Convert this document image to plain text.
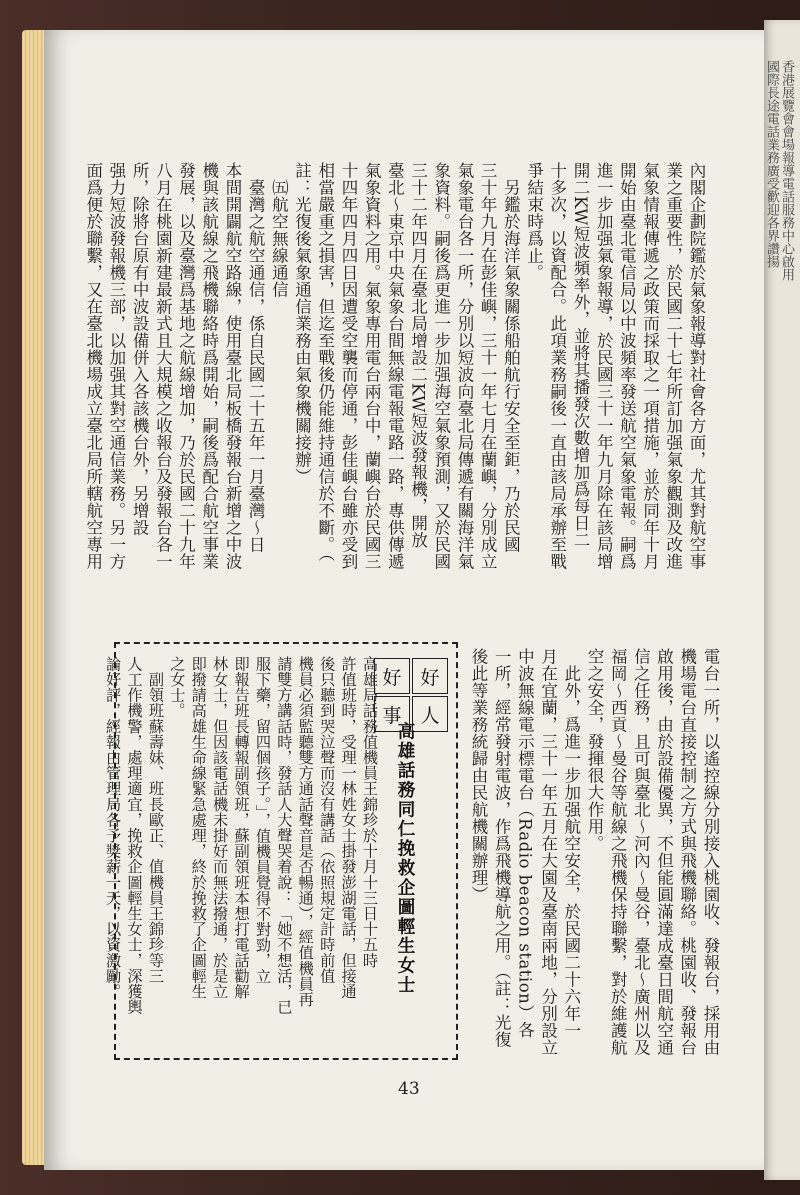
香港展覽會會場報導電話服務中心啟用
國際長途電話業務廣受歡迎各界讚揚
內閣企劃院鑑於氣象報導對社會各方面，尤其對航空事
業之重要性，於民國二十七年所訂加强氣象觀測及改進
氣象情報傳遞之政策而採取之一項措施，並於同年十月
開始由臺北電信局以中波頻率發送航空氣象電報。嗣爲
進一步加强氣象報導，於民國三十一年九月除在該局增
開二KW短波頻率外，並將其播發次數增加爲每日二
十多次，以資配合。此項業務嗣後一直由該局承辦至戰
爭結束時爲止。
　另鑑於海洋氣象關係船舶航行安全至鉅，乃於民國
三十年九月在彭佳嶼，三十一年七月在蘭嶼，分別成立
氣象電台各一所，分別以短波向臺北局傳遞有關海洋氣
象資料。嗣後爲更進一步加强海空氣象預測，又於民國
三十二年四月在臺北局增設二KW短波發報機，開放
臺北～東京中央氣象台間無線電報電路一路，專供傳遞
氣象資料之用。氣象專用電台兩台中，蘭嶼台於民國三
十四年四月四日因遭受空襲而停通，彭佳嶼台雖亦受到
相當嚴重之損害，但迄至戰後仍能維持通信於不斷。（
註：光復後氣象通信業務由氣象機關接辦）
　㈤航空無線通信
　臺灣之航空通信，係自民國二十五年一月臺灣～日
本間開闢航空路線，使用臺北局板橋發報台新增之中波
機與該航線之飛機聯絡時爲開始，嗣後爲配合航空事業
發展，以及臺灣爲基地之航線增加，乃於民國二十九年
八月在桃園新建最新式且大規模之收報台及發報台各一
所，除將台原有中波設備併入各該機台外，另增設
强力短波發報機三部，以加强其對空通信業務。另一方
面爲便於聯繫，又在臺北機場成立臺北局所轄航空專用
電台一所，以遙控線分別接入桃園收、發報台，採用由
機場電台直接控制之方式與飛機聯絡。桃園收、發報台
啟用後，由於設備優異，不但能圓滿達成臺日間航空通
信之任務，且可與臺北～河內～曼谷，臺北～廣州以及
福岡～西貢～曼谷等航線之飛機保持聯繫，對於維護航
空之安全，發揮很大作用。
　此外，爲進一步加强航空安全，於民國二十六年一
月在宜蘭，三十一年五月在大園及臺南兩地，分別設立
中波無線電示標電台（Radio beacon station）各
一所，經常發射電波，作爲飛機導航之用。（註：光復
後此等業務統歸由民航機關辦理）
好
人
好
事
高雄話務同仁挽救企圖輕生女士
高雄局話務值機員王錦珍於十月十三日十五時
許值班時，受理一林姓女士掛發澎湖電話，但接通
後只聽到哭泣聲而沒有講話（依照規定計時前值
機員必須監聽雙方通話聲音是否暢通），經值機員再
請雙方講話時，發話人大聲哭着說：「她不想活，已
服下藥，留四個孩子。」，值機員覺得不對勁，立
即報告班長轉報副領班，蘇副領班本想打電話勸解
林女士，但因該電話機未掛好而無法撥通，於是立
即撥請高雄生命線緊急處理，終於挽救了企圖輕生
之女士。
　副領班蘇壽妹、班長歐正、值機員王錦珍等三
人工作機警，處理適宜，挽救企圖輕生女士，深獲輿
論好評，經報由管理局各予獎薪一天，以資激勵。
43
